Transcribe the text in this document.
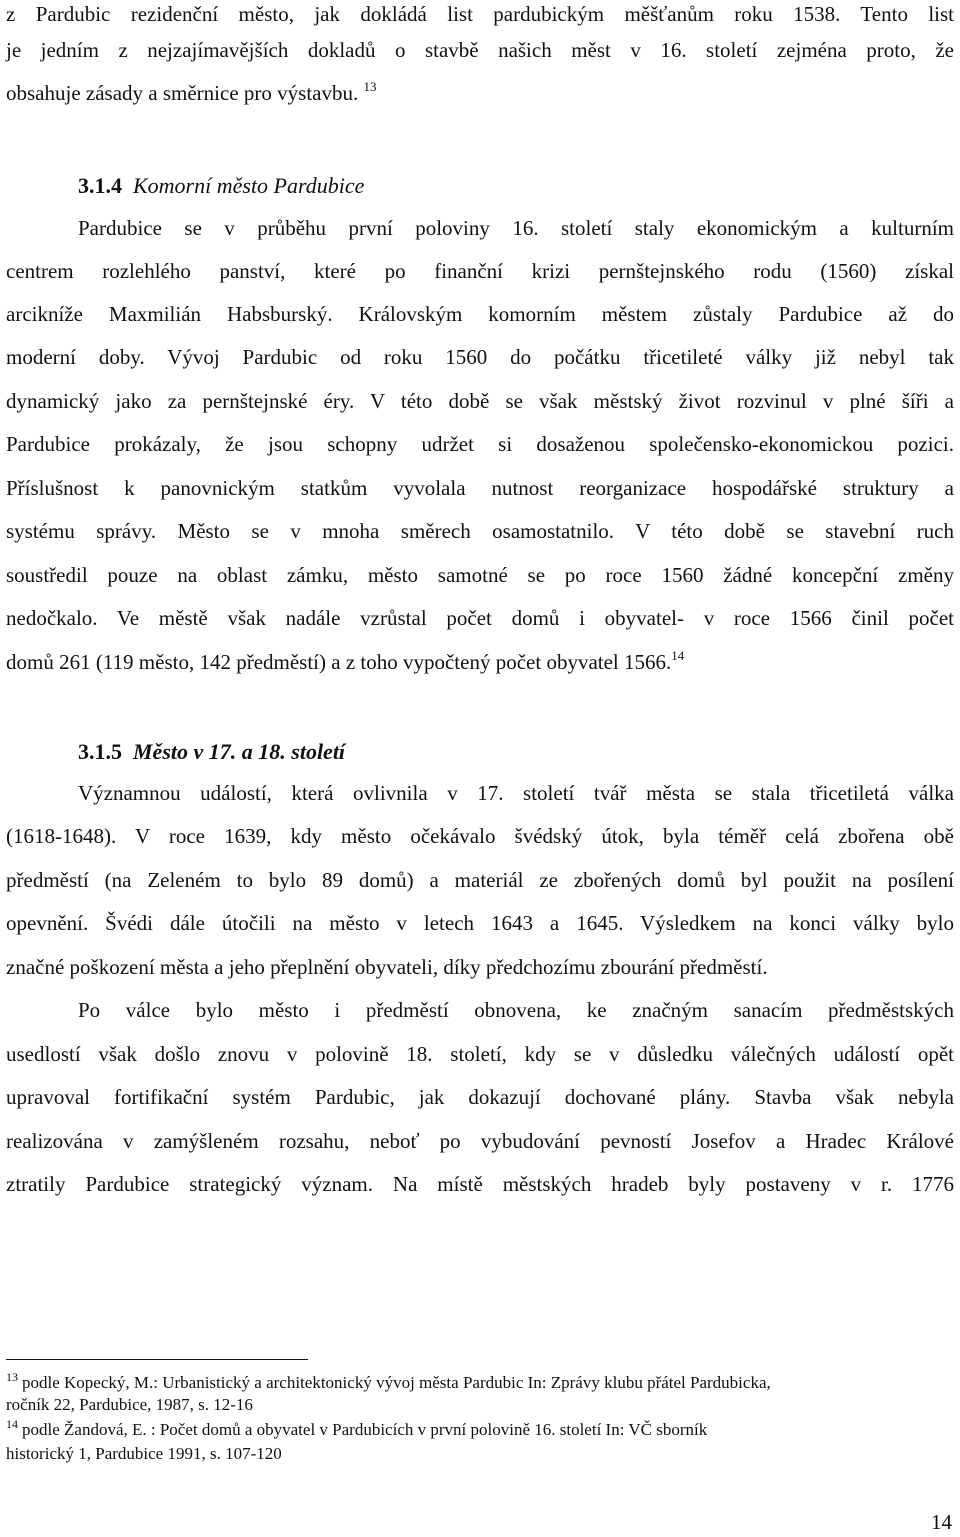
z Pardubic rezidenční město, jak dokládá list pardubickým měšťanům roku 1538. Tento list
je jedním z nejzajímavějších dokladů o stavbě našich měst v 16. století zejména proto, že
obsahuje zásady a směrnice pro výstavbu. $^{13}$
3.1.4 Komorní město Pardubice
Pardubice se v průběhu první poloviny 16. století staly ekonomickým a kulturním
centrem rozlehlého panství, které po finanční krizi pernštejnského rodu (1560) získal
arcikníže Maxmilián Habsburský. Královským komorním městem zůstaly Pardubice až do
moderní doby. Vývoj Pardubic od roku 1560 do počátku třicetileté války již nebyl tak
dynamický jako za pernštejnské éry. V této době se však městský život rozvinul v plné šíři a
Pardubice prokázaly, že jsou schopny udržet si dosaženou společensko-ekonomickou pozici.
Příslušnost k panovnickým statkům vyvolala nutnost reorganizace hospodářské struktury a
systému správy. Město se v mnoha směrech osamostatnilo. V této době se stavební ruch
soustředil pouze na oblast zámku, město samotné se po roce 1560 žádné koncepční změny
nedočkalo. Ve městě však nadále vzrůstal počet domů i obyvatel- v roce 1566 činil počet
domů 261 (119 město, 142 předměstí) a z toho vypočtený počet obyvatel 1566.14
3.1.5 Město v 17. a 18. století
Významnou událostí, která ovlivnila v 17. století tvář města se stala třicetiletá válka
(1618-1648). V roce 1639, kdy město očekávalo švédský útok, byla téměř celá zbořena obě
předměstí (na Zeleném to bylo 89 domů) a materiál ze zbořených domů byl použit na posílení
opevnění. Švédi dále útočili na město v letech 1643 a 1645. Výsledkem na konci války bylo
značné poškození města a jeho přeplnění obyvateli, díky předchozímu zbourání předměstí.
Po válce bylo město i předměstí obnovena, ke značným sanacím předměstských
usedlostí však došlo znovu v polovině 18. století, kdy se v důsledku válečných událostí opět
upravoval fortifikační systém Pardubic, jak dokazují dochované plány. Stavba však nebyla
realizována v zamýšleném rozsahu, neboť po vybudování pevností Josefov a Hradec Králové
ztratily Pardubice strategický význam. Na místě městských hradeb byly postaveny v r. 1776
$^{13}$ podle Kopecký, M.: Urbanistický a architektonický vývoj města Pardubic In: Zprávy klubu přátel Pardubicka,
ročník 22, Pardubice, 1987, s. 12-16
$^{14}$ podle Žandová, E. : Počet domů a obyvatel v Pardubicích v první polovině 16. století In: VČ sborník
historický 1, Pardubice 1991, s. 107-120
14
